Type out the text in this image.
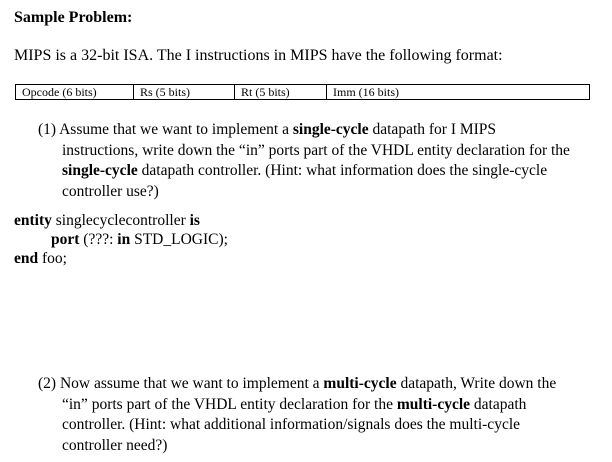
Sample Problem:
MIPS is a 32-bit ISA. The I instructions in MIPS have the following format:
Opcode (6 bits)	Rs (5 bits)	Rt (5 bits)	Imm (16 bits)
(1) Assume that we want to implement a single-cycle datapath for I MIPS
instructions, write down the “in” ports part of the VHDL entity declaration for the
single-cycle datapath controller. (Hint: what information does the single-cycle
controller use?)
entity singlecyclecontroller is
port (???: in STD_LOGIC);
end foo;
(2) Now assume that we want to implement a multi-cycle datapath, Write down the
“in” ports part of the VHDL entity declaration for the multi-cycle datapath
controller. (Hint: what additional information/signals does the multi-cycle
controller need?)
